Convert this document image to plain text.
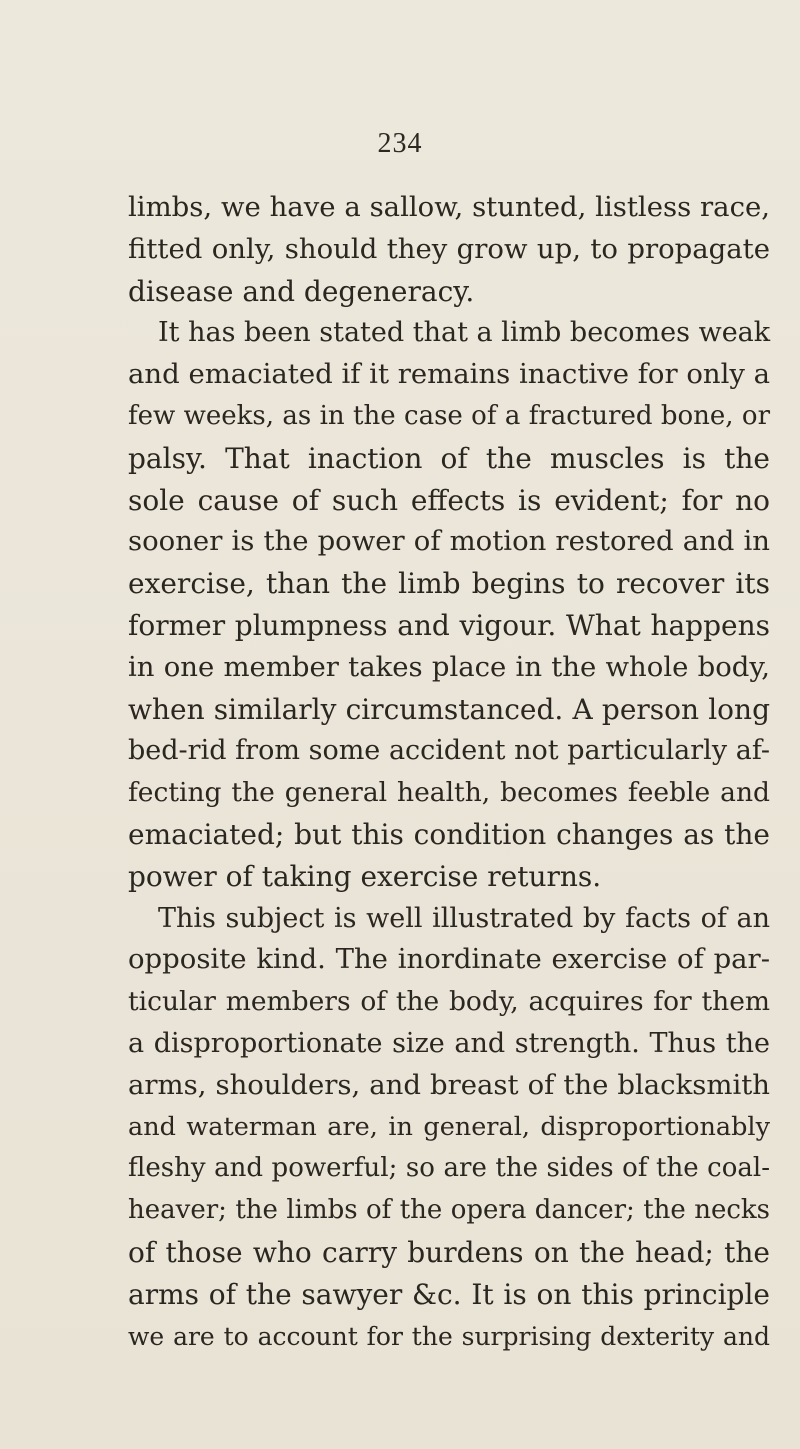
234
limbs, we have a sallow, stunted, listless race,
fitted only, should they grow up, to propagate
disease and degeneracy.
It has been stated that a limb becomes weak
and emaciated if it remains inactive for only a
few weeks, as in the case of a fractured bone, or
palsy. That inaction of the muscles is the
sole cause of such effects is evident; for no
sooner is the power of motion restored and in
exercise, than the limb begins to recover its
former plumpness and vigour. What happens
in one member takes place in the whole body,
when similarly circumstanced. A person long
bed-rid from some accident not particularly af-
fecting the general health, becomes feeble and
emaciated; but this condition changes as the
power of taking exercise returns.
This subject is well illustrated by facts of an
opposite kind. The inordinate exercise of par-
ticular members of the body, acquires for them
a disproportionate size and strength. Thus the
arms, shoulders, and breast of the blacksmith
and waterman are, in general, disproportionably
fleshy and powerful; so are the sides of the coal-
heaver; the limbs of the opera dancer; the necks
of those who carry burdens on the head; the
arms of the sawyer &c. It is on this principle
we are to account for the surprising dexterity and
